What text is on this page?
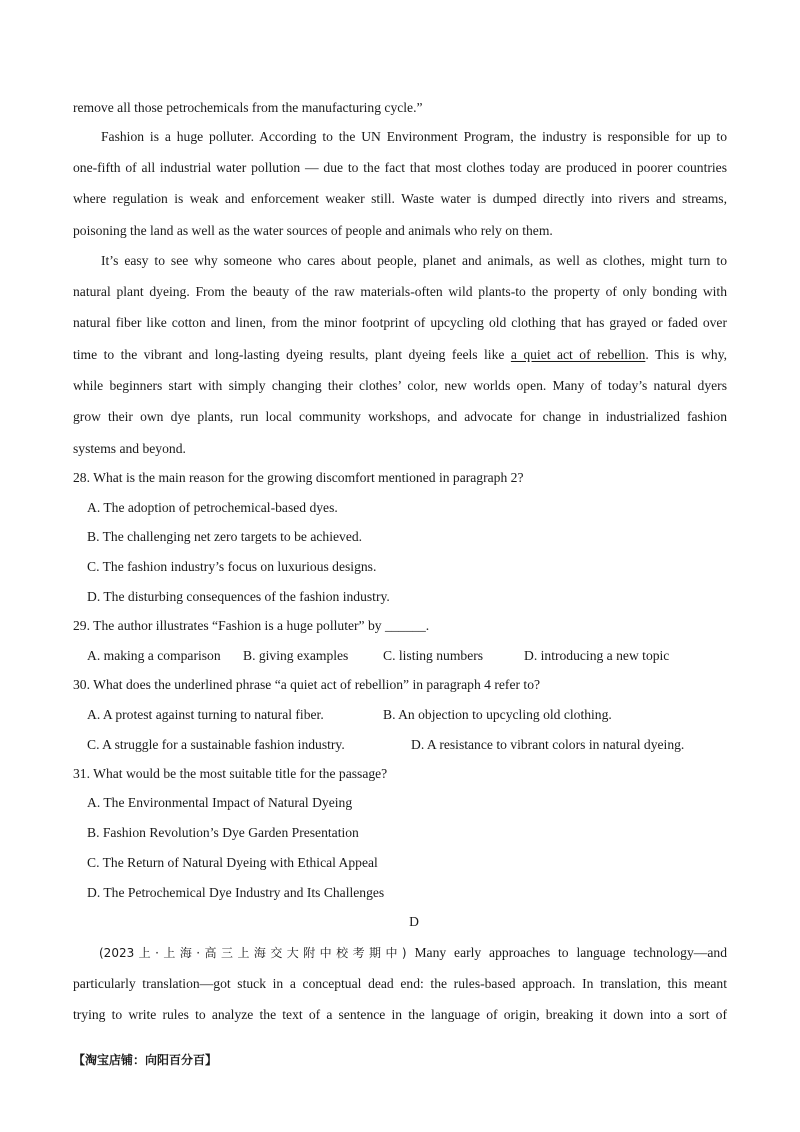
remove all those petrochemicals from the manufacturing cycle.”
Fashion is a huge polluter. According to the UN Environment Program, the industry is responsible for up to
one-fifth of all industrial water pollution — due to the fact that most clothes today are produced in poorer countries
where regulation is weak and enforcement weaker still. Waste water is dumped directly into rivers and streams,
poisoning the land as well as the water sources of people and animals who rely on them.
It’s easy to see why someone who cares about people, planet and animals, as well as clothes, might turn to
natural plant dyeing. From the beauty of the raw materials-often wild plants-to the property of only bonding with
natural fiber like cotton and linen, from the minor footprint of upcycling old clothing that has grayed or faded over
time to the vibrant and long-lasting dyeing results, plant dyeing feels like a quiet act of rebellion. This is why,
while beginners start with simply changing their clothes’ color, new worlds open. Many of today’s natural dyers
grow their own dye plants, run local community workshops, and advocate for change in industrialized fashion
systems and beyond.
28. What is the main reason for the growing discomfort mentioned in paragraph 2?
A. The adoption of petrochemical-based dyes.
B. The challenging net zero targets to be achieved.
C. The fashion industry’s focus on luxurious designs.
D. The disturbing consequences of the fashion industry.
29. The author illustrates “Fashion is a huge polluter” by ______.
A. making a comparison	B. giving examples	C. listing numbers	D. introducing a new topic
30. What does the underlined phrase “a quiet act of rebellion” in paragraph 4 refer to?
A. A protest against turning to natural fiber.	B. An objection to upcycling old clothing.
C. A struggle for a sustainable fashion industry.	D. A resistance to vibrant colors in natural dyeing.
31. What would be the most suitable title for the passage?
A. The Environmental Impact of Natural Dyeing
B. Fashion Revolution’s Dye Garden Presentation
C. The Return of Natural Dyeing with Ethical Appeal
D. The Petrochemical Dye Industry and Its Challenges
D
(2023上·上海·高三上海交大附中校考期中) Many early approaches to language technology—and
particularly translation—got stuck in a conceptual dead end: the rules-based approach. In translation, this meant
trying to write rules to analyze the text of a sentence in the language of origin, breaking it down into a sort of
【淘宝店铺：向阳百分百】
